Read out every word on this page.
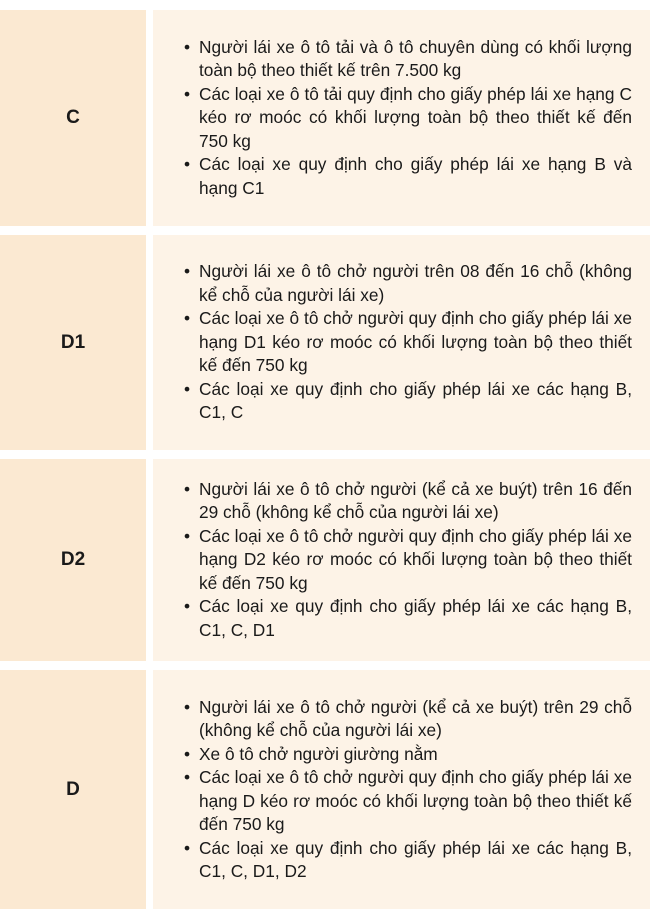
C
• Người lái xe ô tô tải và ô tô chuyên dùng có khối lượng toàn bộ theo thiết kế trên 7.500 kg
• Các loại xe ô tô tải quy định cho giấy phép lái xe hạng C kéo rơ moóc có khối lượng toàn bộ theo thiết kế đến 750 kg
• Các loại xe quy định cho giấy phép lái xe hạng B và hạng C1
D1
• Người lái xe ô tô chở người trên 08 đến 16 chỗ (không kể chỗ của người lái xe)
• Các loại xe ô tô chở người quy định cho giấy phép lái xe hạng D1 kéo rơ moóc có khối lượng toàn bộ theo thiết kế đến 750 kg
• Các loại xe quy định cho giấy phép lái xe các hạng B, C1, C
D2
• Người lái xe ô tô chở người (kể cả xe buýt) trên 16 đến 29 chỗ (không kể chỗ của người lái xe)
• Các loại xe ô tô chở người quy định cho giấy phép lái xe hạng D2 kéo rơ moóc có khối lượng toàn bộ theo thiết kế đến 750 kg
• Các loại xe quy định cho giấy phép lái xe các hạng B, C1, C, D1
D
• Người lái xe ô tô chở người (kể cả xe buýt) trên 29 chỗ (không kể chỗ của người lái xe)
• Xe ô tô chở người giường nằm
• Các loại xe ô tô chở người quy định cho giấy phép lái xe hạng D kéo rơ moóc có khối lượng toàn bộ theo thiết kế đến 750 kg
• Các loại xe quy định cho giấy phép lái xe các hạng B, C1, C, D1, D2
